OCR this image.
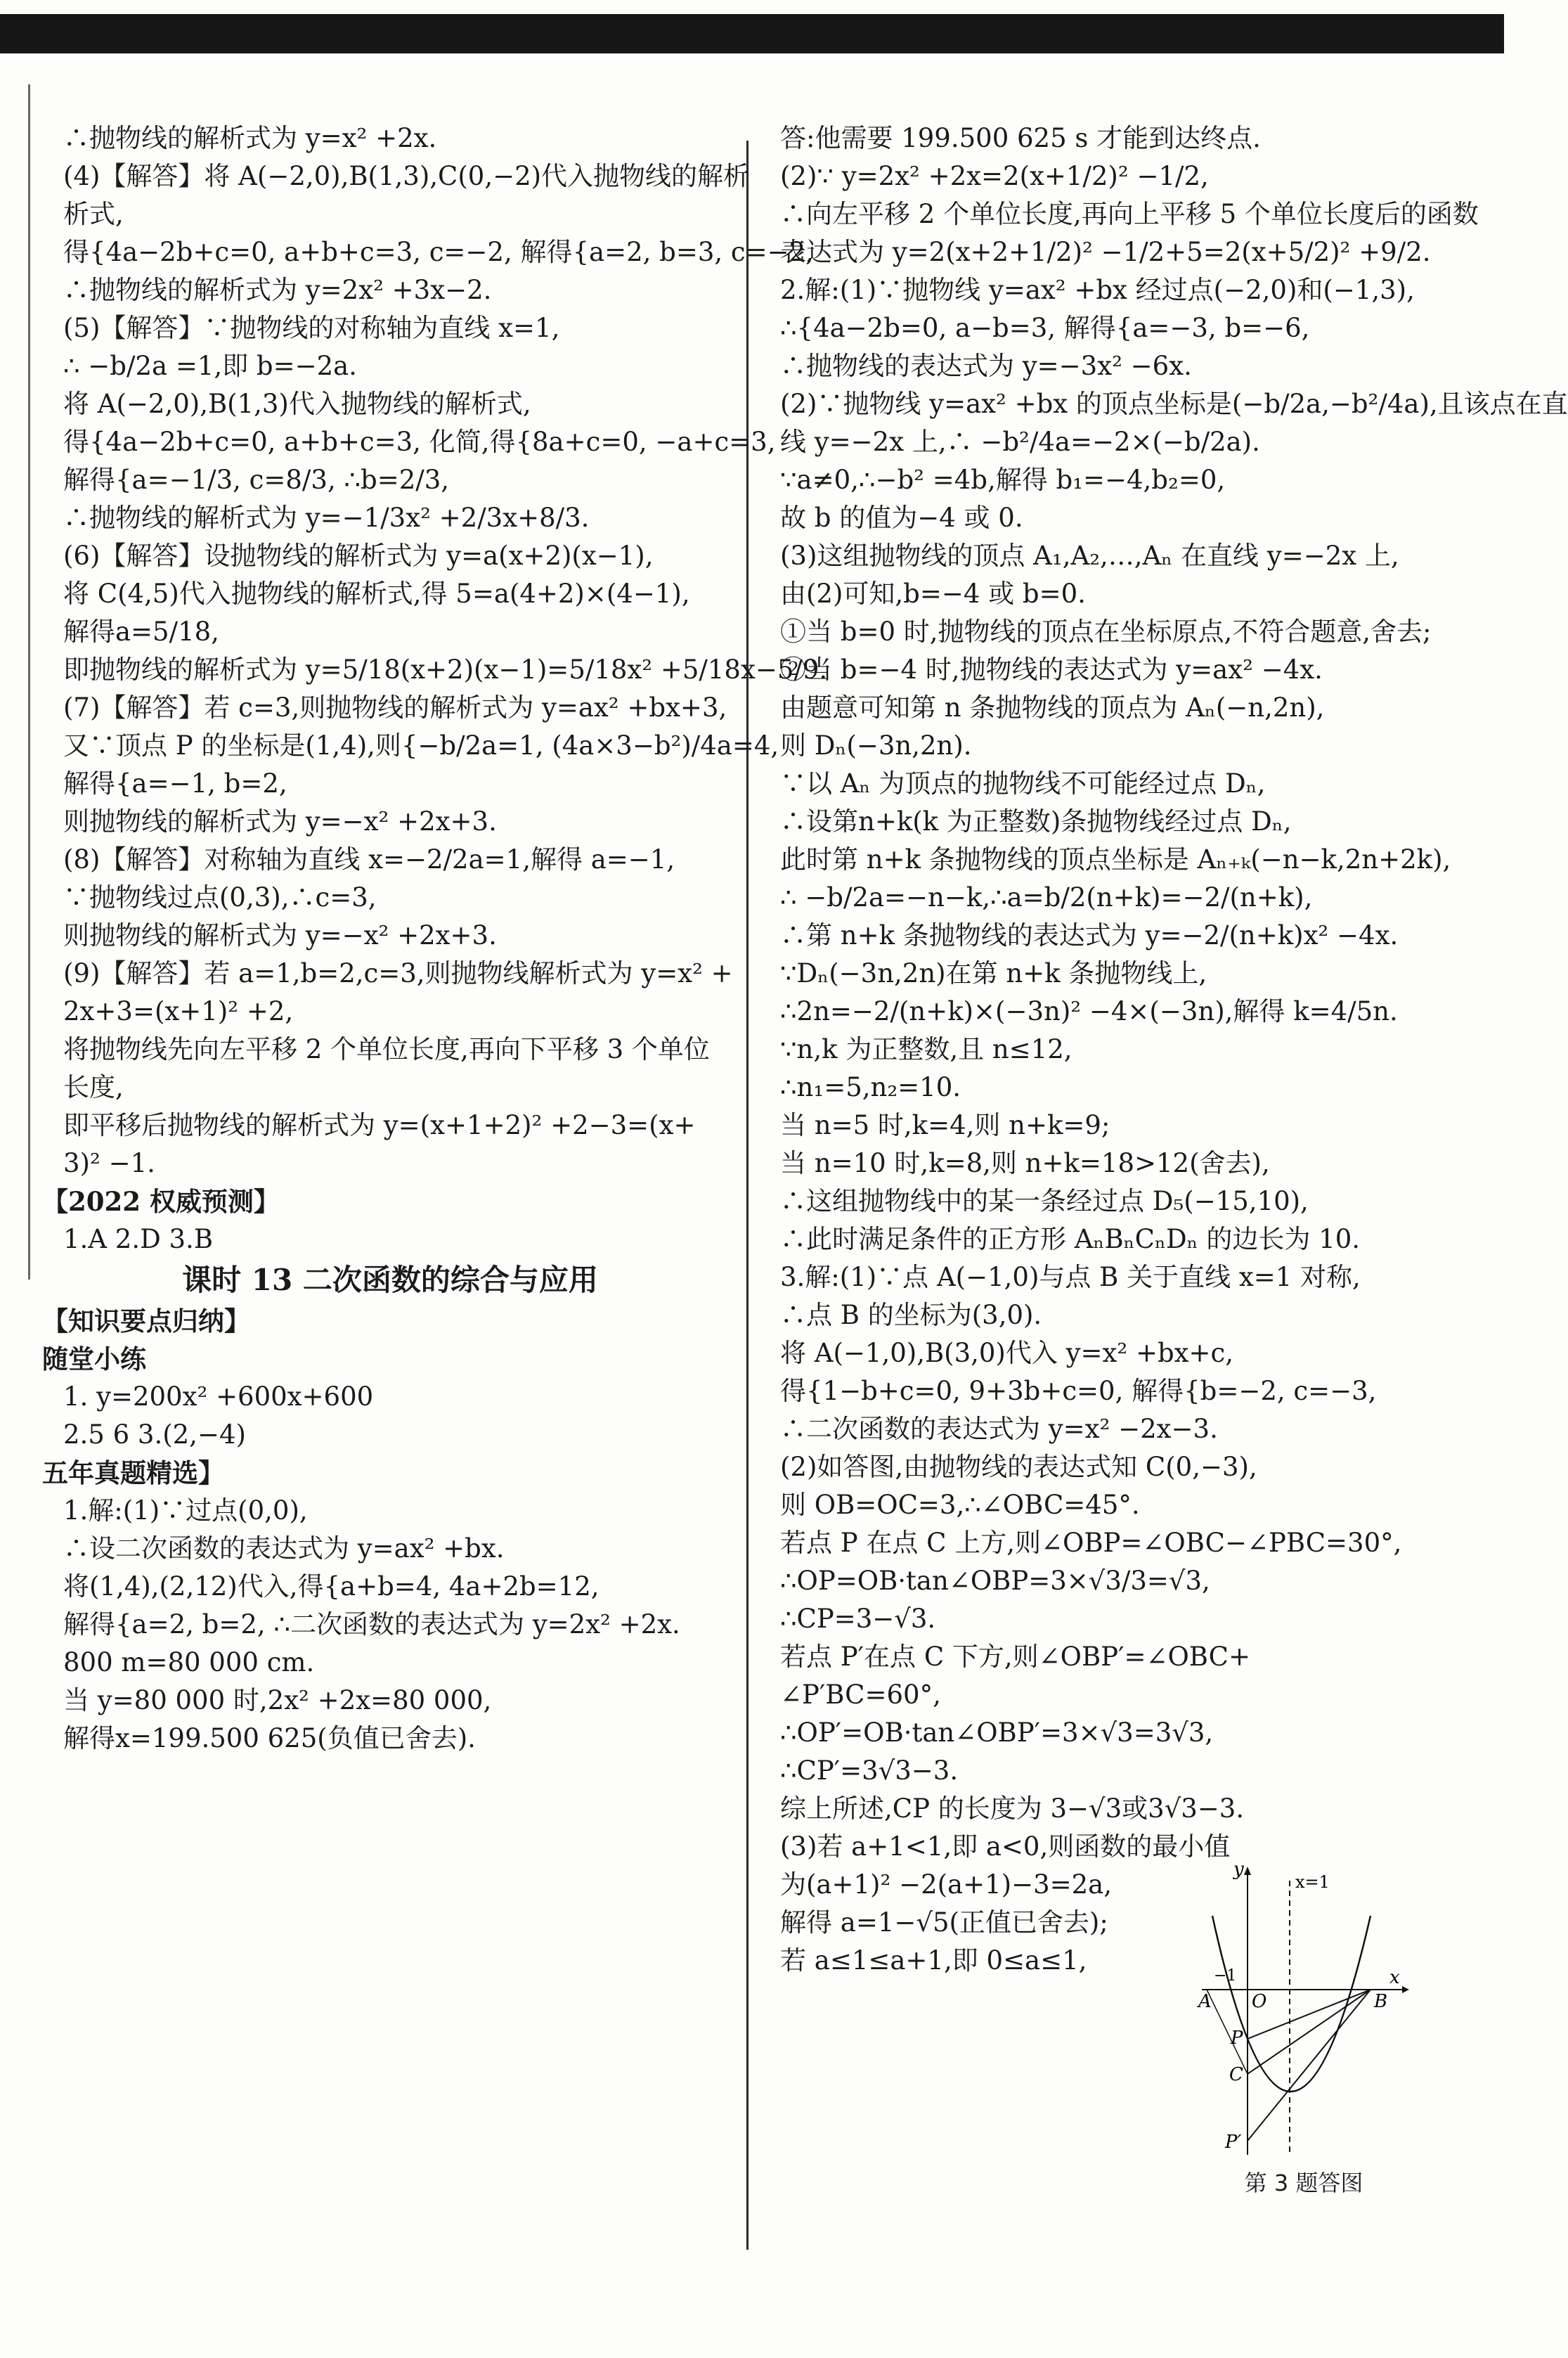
∴抛物线的解析式为 y=x² +2x.
(4)【解答】将 A(−2,0),B(1,3),C(0,−2)代入抛物线的解析
析式,
得{4a−2b+c=0, a+b+c=3, c=−2, 解得{a=2, b=3, c=−2,
∴抛物线的解析式为 y=2x² +3x−2.
(5)【解答】∵抛物线的对称轴为直线 x=1,
∴ −b/2a =1,即 b=−2a.
将 A(−2,0),B(1,3)代入抛物线的解析式,
得{4a−2b+c=0, a+b+c=3, 化简,得{8a+c=0, −a+c=3,
解得{a=−1/3, c=8/3, ∴b=2/3,
∴抛物线的解析式为 y=−1/3x² +2/3x+8/3.
(6)【解答】设抛物线的解析式为 y=a(x+2)(x−1),
将 C(4,5)代入抛物线的解析式,得 5=a(4+2)×(4−1),
解得a=5/18,
即抛物线的解析式为 y=5/18(x+2)(x−1)=5/18x² +5/18x−5/9.
(7)【解答】若 c=3,则抛物线的解析式为 y=ax² +bx+3,
又∵顶点 P 的坐标是(1,4),则{−b/2a=1, (4a×3−b²)/4a=4,
解得{a=−1, b=2,
则抛物线的解析式为 y=−x² +2x+3.
(8)【解答】对称轴为直线 x=−2/2a=1,解得 a=−1,
∵抛物线过点(0,3),∴c=3,
则抛物线的解析式为 y=−x² +2x+3.
(9)【解答】若 a=1,b=2,c=3,则抛物线解析式为 y=x² +
2x+3=(x+1)² +2,
将抛物线先向左平移 2 个单位长度,再向下平移 3 个单位
长度,
即平移后抛物线的解析式为 y=(x+1+2)² +2−3=(x+
3)² −1.
【2022 权威预测】
1.A 2.D 3.B
课时 13 二次函数的综合与应用
【知识要点归纳】
随堂小练
1. y=200x² +600x+600
2.5 6 3.(2,−4)
五年真题精选】
1.解:(1)∵过点(0,0),
∴设二次函数的表达式为 y=ax² +bx.
将(1,4),(2,12)代入,得{a+b=4, 4a+2b=12,
解得{a=2, b=2, ∴二次函数的表达式为 y=2x² +2x.
800 m=80 000 cm.
当 y=80 000 时,2x² +2x=80 000,
解得x=199.500 625(负值已舍去).
答:他需要 199.500 625 s 才能到达终点.
(2)∵ y=2x² +2x=2(x+1/2)² −1/2,
∴向左平移 2 个单位长度,再向上平移 5 个单位长度后的函数
表达式为 y=2(x+2+1/2)² −1/2+5=2(x+5/2)² +9/2.
2.解:(1)∵抛物线 y=ax² +bx 经过点(−2,0)和(−1,3),
∴{4a−2b=0, a−b=3, 解得{a=−3, b=−6,
∴抛物线的表达式为 y=−3x² −6x.
(2)∵抛物线 y=ax² +bx 的顶点坐标是(−b/2a,−b²/4a),且该点在直
线 y=−2x 上,∴ −b²/4a=−2×(−b/2a).
∵a≠0,∴−b² =4b,解得 b₁=−4,b₂=0,
故 b 的值为−4 或 0.
(3)这组抛物线的顶点 A₁,A₂,…,Aₙ 在直线 y=−2x 上,
由(2)可知,b=−4 或 b=0.
①当 b=0 时,抛物线的顶点在坐标原点,不符合题意,舍去;
②当 b=−4 时,抛物线的表达式为 y=ax² −4x.
由题意可知第 n 条抛物线的顶点为 Aₙ(−n,2n),
则 Dₙ(−3n,2n).
∵以 Aₙ 为顶点的抛物线不可能经过点 Dₙ,
∴设第n+k(k 为正整数)条抛物线经过点 Dₙ,
此时第 n+k 条抛物线的顶点坐标是 Aₙ₊ₖ(−n−k,2n+2k),
∴ −b/2a=−n−k,∴a=b/2(n+k)=−2/(n+k),
∴第 n+k 条抛物线的表达式为 y=−2/(n+k)x² −4x.
∵Dₙ(−3n,2n)在第 n+k 条抛物线上,
∴2n=−2/(n+k)×(−3n)² −4×(−3n),解得 k=4/5n.
∵n,k 为正整数,且 n≤12,
∴n₁=5,n₂=10.
当 n=5 时,k=4,则 n+k=9;
当 n=10 时,k=8,则 n+k=18>12(舍去),
∴这组抛物线中的某一条经过点 D₅(−15,10),
∴此时满足条件的正方形 AₙBₙCₙDₙ 的边长为 10.
3.解:(1)∵点 A(−1,0)与点 B 关于直线 x=1 对称,
∴点 B 的坐标为(3,0).
将 A(−1,0),B(3,0)代入 y=x² +bx+c,
得{1−b+c=0, 9+3b+c=0, 解得{b=−2, c=−3,
∴二次函数的表达式为 y=x² −2x−3.
(2)如答图,由抛物线的表达式知 C(0,−3),
则 OB=OC=3,∴∠OBC=45°.
若点 P 在点 C 上方,则∠OBP=∠OBC−∠PBC=30°,
∴OP=OB·tan∠OBP=3×√3/3=√3,
∴CP=3−√3.
若点 P′在点 C 下方,则∠OBP′=∠OBC+
∠P′BC=60°,
∴OP′=OB·tan∠OBP′=3×√3=3√3,
∴CP′=3√3−3.
综上所述,CP 的长度为 3−√3或3√3−3.
(3)若 a+1<1,即 a<0,则函数的最小值
为(a+1)² −2(a+1)−3=2a,
解得 a=1−√5(正值已舍去);
若 a≤1≤a+1,即 0≤a≤1,
y
x=1
−1
A O	B
x
P
C
P′
第 3 题答图
